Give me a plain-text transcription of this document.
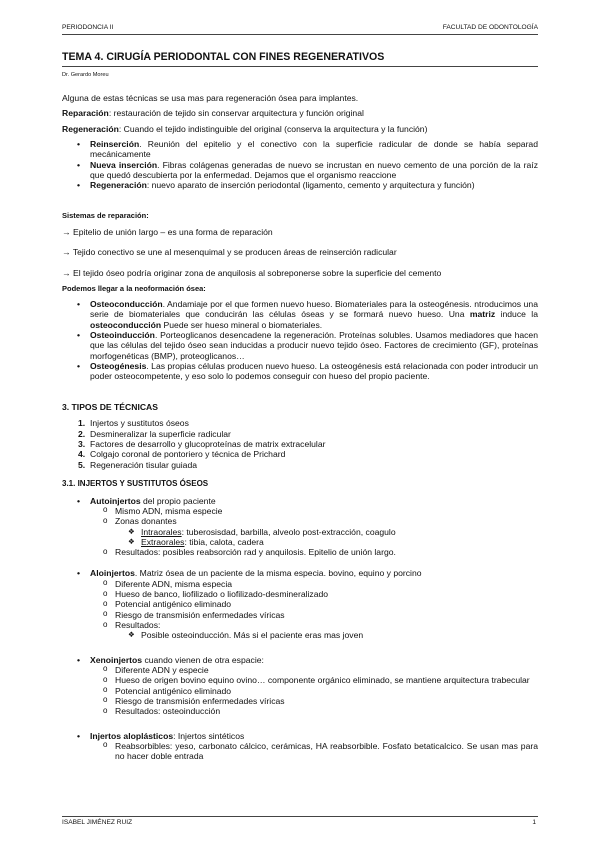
PERIODONCIA II	FACULTAD DE ODONTOLOGÍA
TEMA 4. CIRUGÍA PERIODONTAL CON FINES REGENERATIVOS
Dr. Gerardo Moreu

Alguna de estas técnicas se usa mas para regeneración ósea para implantes.

Reparación: restauración de tejido sin conservar arquitectura y función original

Regeneración: Cuando el tejido indistinguible del original (conserva la arquitectura y la función)

• Reinserción. Reunión del epitelio y el conectivo con la superficie radicular de donde se había separad mecánicamente
• Nueva inserción. Fibras colágenas generadas de nuevo se incrustan en nuevo cemento de una porción de la raíz que quedó descubierta por la enfermedad. Dejamos que el organismo reaccione
• Regeneración: nuevo aparato de inserción periodontal (ligamento, cemento y arquitectura y función)

Sistemas de reparación:

→ Epitelio de unión largo – es una forma de reparación

→ Tejido conectivo se une al mesenquimal y se producen áreas de reinserción radicular

→ El tejido óseo podría originar zona de anquilosis al sobreponerse sobre la superficie del cemento

Podemos llegar a la neoformación ósea:

• Osteoconducción. Andamiaje por el que formen nuevo hueso. Biomateriales para la osteogénesis. ntroducimos una serie de biomateriales que conducirán las células óseas y se formará nuevo hueso. Una matriz induce la osteoconducción Puede ser hueso mineral o biomateriales.
• Osteoinducción. Porteoglicanos desencadene la regeneración. Proteínas solubles. Usamos mediadores que hacen que las células del tejido óseo sean inducidas a producir nuevo tejido óseo. Factores de crecimiento (GF), proteínas morfogenéticas (BMP), proteoglicanos…
• Osteogénesis. Las propias células producen nuevo hueso. La osteogénesis está relacionada con poder introducir un poder osteocompetente, y eso solo lo podemos conseguir con hueso del propio paciente.

3. TIPOS DE TÉCNICAS

1. Injertos y sustitutos óseos
2. Desmineralizar la superficie radicular
3. Factores de desarrollo y glucoproteínas de matrix extracelular
4. Colgajo coronal de pontoriero y técnica de Prichard
5. Regeneración tisular guiada

3.1. INJERTOS Y SUSTITUTOS ÓSEOS

• Autoinjertos del propio paciente
o Mismo ADN, misma especie
o Zonas donantes
❖ Intraorales: tuberosisdad, barbilla, alveolo post-extracción, coagulo
❖ Extraorales: tibia, calota, cadera
o Resultados: posibles reabsorción rad y anquilosis. Epitelio de unión largo.
• Aloinjertos. Matriz ósea de un paciente de la misma especia. bovino, equino y porcino
o Diferente ADN, misma especia
o Hueso de banco, liofilizado o liofilizado-desmineralizado
o Potencial antigénico eliminado
o Riesgo de transmisión enfermedades víricas
o Resultados:
❖ Posible osteoinducción. Más si el paciente eras mas joven
• Xenoinjertos cuando vienen de otra espacie:
o Diferente ADN y especie
o Hueso de origen bovino equino ovino… componente orgánico eliminado, se mantiene arquitectura trabecular
o Potencial antigénico eliminado
o Riesgo de transmisión enfermedades víricas
o Resultados: osteoinducción
• Injertos aloplásticos: Injertos sintéticos
o Reabsorbibles: yeso, carbonato cálcico, cerámicas, HA reabsorbible. Fosfato betaticalcico. Se usan mas para no hacer doble entrada
ISABEL JIMÉNEZ RUIZ	1
